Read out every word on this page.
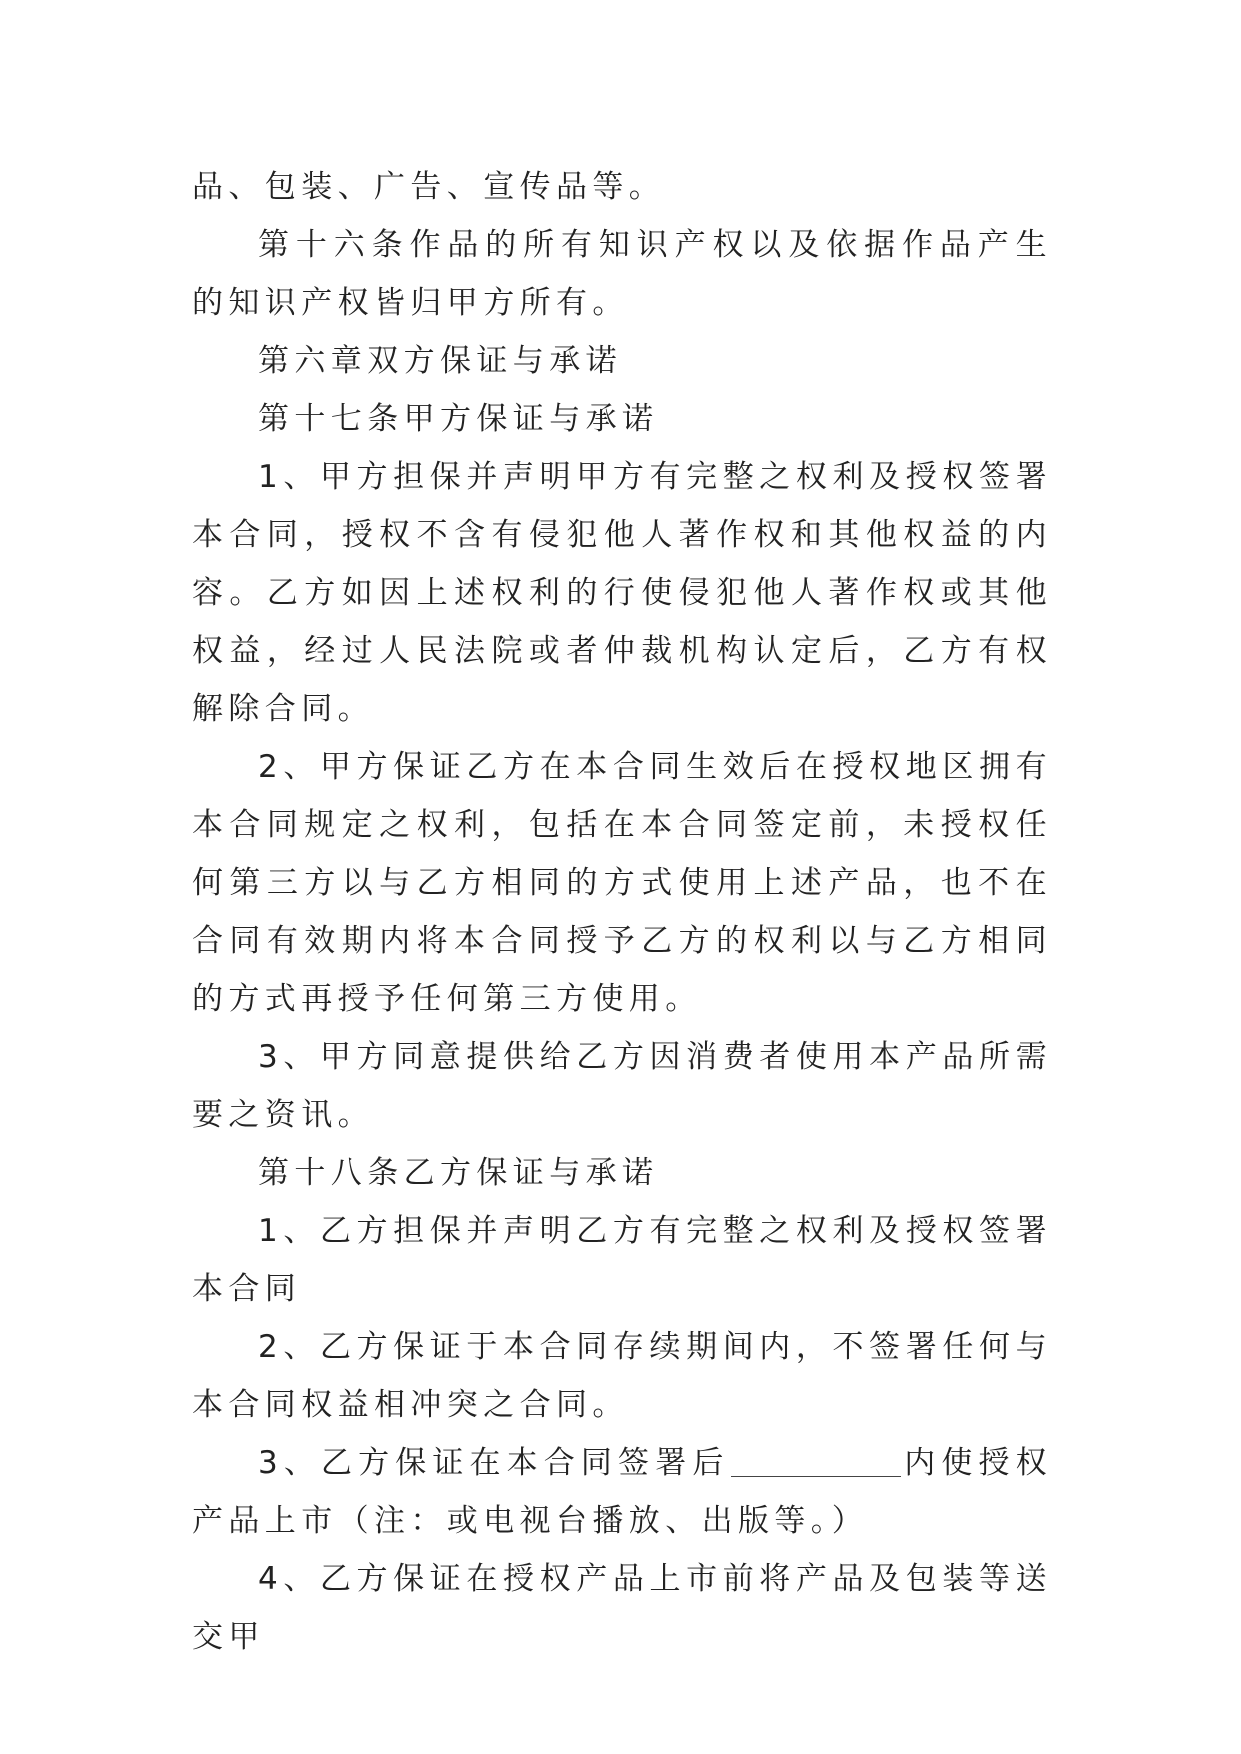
品、包装、广告、宣传品等。

第十六条作品的所有知识产权以及依据作品产生的知识产权皆归甲方所有。

第六章双方保证与承诺

第十七条甲方保证与承诺

1、甲方担保并声明甲方有完整之权利及授权签署本合同，授权不含有侵犯他人著作权和其他权益的内容。乙方如因上述权利的行使侵犯他人著作权或其他权益，经过人民法院或者仲裁机构认定后，乙方有权解除合同。

2、甲方保证乙方在本合同生效后在授权地区拥有本合同规定之权利，包括在本合同签定前，未授权任何第三方以与乙方相同的方式使用上述产品，也不在合同有效期内将本合同授予乙方的权利以与乙方相同的方式再授予任何第三方使用。

3、甲方同意提供给乙方因消费者使用本产品所需要之资讯。

第十八条乙方保证与承诺

1、乙方担保并声明乙方有完整之权利及授权签署本合同

2、乙方保证于本合同存续期间内，不签署任何与本合同权益相冲突之合同。

3、乙方保证在本合同签署后	内使授权产品上市（注：或电视台播放、出版等。）

4、乙方保证在授权产品上市前将产品及包装等送交甲
